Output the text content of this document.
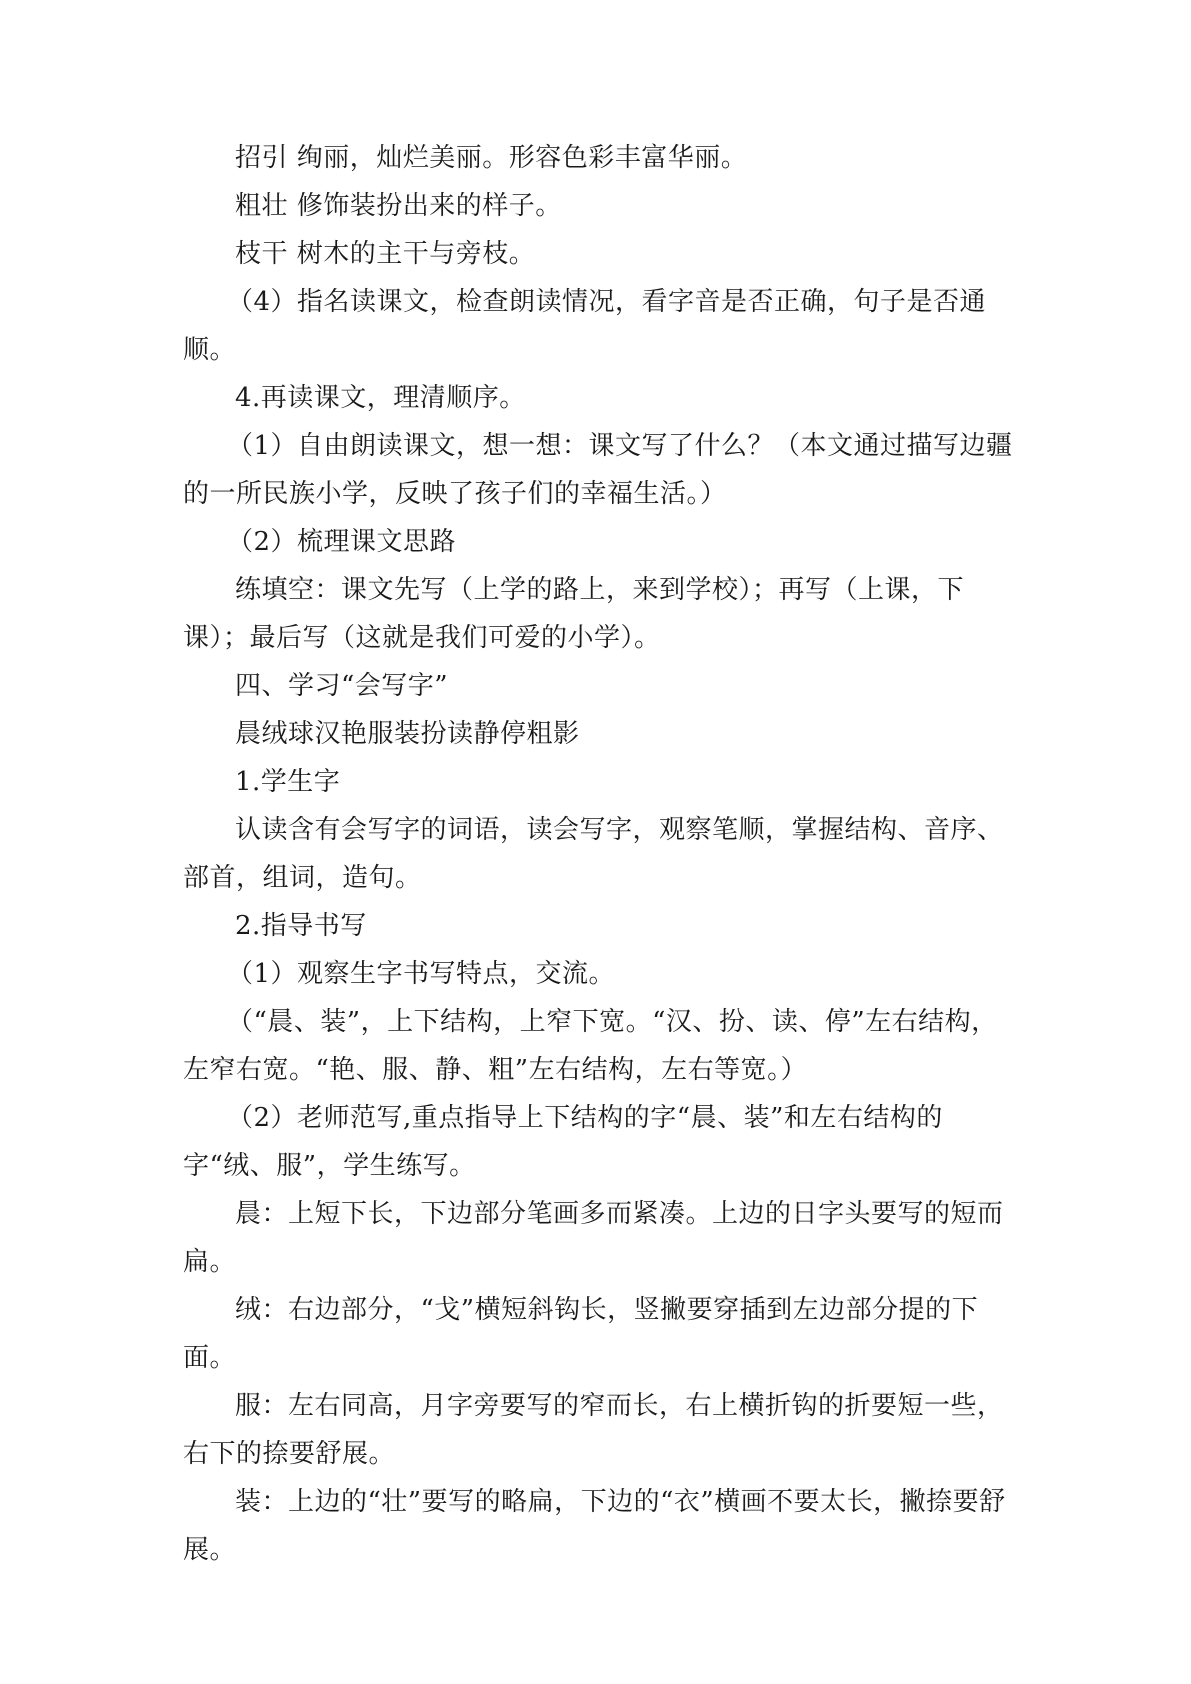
招引 绚丽，灿烂美丽。形容色彩丰富华丽。

粗壮 修饰装扮出来的样子。

枝干 树木的主干与旁枝。

（4）指名读课文，检查朗读情况，看字音是否正确，句子是否通顺。

4.再读课文，理清顺序。

（1）自由朗读课文，想一想：课文写了什么？（本文通过描写边疆的一所民族小学，反映了孩子们的幸福生活。）

（2）梳理课文思路

练填空：课文先写（上学的路上，来到学校）；再写（上课，下课）；最后写（这就是我们可爱的小学）。

四、学习“会写字”

晨绒球汉艳服装扮读静停粗影

1.学生字

认读含有会写字的词语，读会写字，观察笔顺，掌握结构、音序、部首，组词，造句。

2.指导书写

（1）观察生字书写特点，交流。

（“晨、装”，上下结构，上窄下宽。“汉、扮、读、停”左右结构，左窄右宽。“艳、服、静、粗”左右结构，左右等宽。）

（2）老师范写,重点指导上下结构的字“晨、装”和左右结构的字“绒、服”，学生练写。

晨：上短下长，下边部分笔画多而紧凑。上边的日字头要写的短而扁。

绒：右边部分，“戈”横短斜钩长，竖撇要穿插到左边部分提的下面。

服：左右同高，月字旁要写的窄而长，右上横折钩的折要短一些，右下的捺要舒展。

装：上边的“壮”要写的略扁，下边的“衣”横画不要太长，撇捺要舒展。
